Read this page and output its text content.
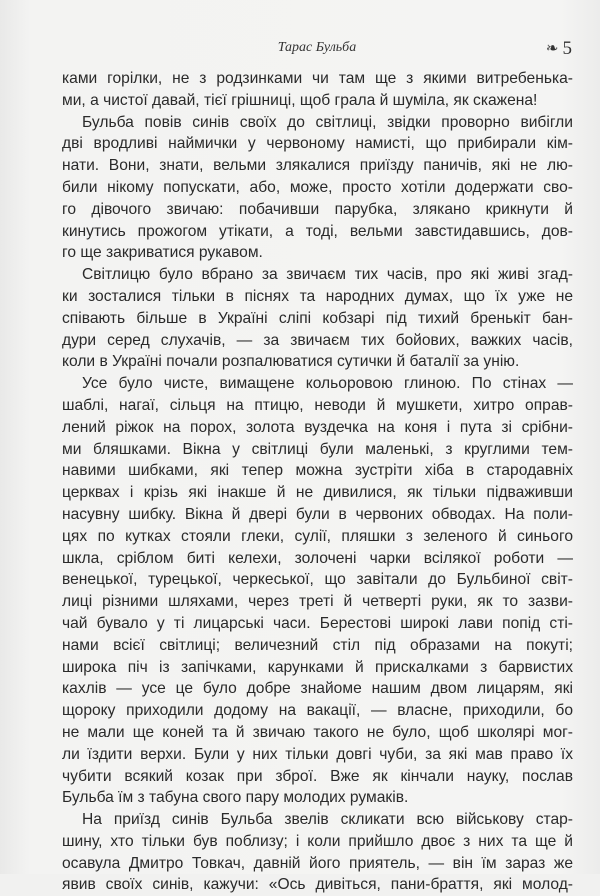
Тарас Бульба	❧ 5
ками горілки, не з родзинками чи там ще з якими витребенька-
ми, а чистої давай, тієї грішниці, щоб грала й шуміла, як скажена!
Бульба повів синів своїх до світлиці, звідки проворно вибігли
дві вродливі наймички у червоному намисті, що прибирали кім-
нати. Вони, знати, вельми злякалися приїзду паничів, які не лю-
били нікому попускати, або, може, просто хотіли додержати сво-
го дівочого звичаю: побачивши парубка, злякано крикнути й
кинутись прожогом утікати, а тоді, вельми завстидавшись, дов-
го ще закриватися рукавом.
Світлицю було вбрано за звичаєм тих часів, про які живі згад-
ки зосталися тільки в піснях та народних думах, що їх уже не
співають більше в Україні сліпі кобзарі під тихий бренькіт бан-
дури серед слухачів, — за звичаєм тих бойових, важких часів,
коли в Україні почали розпалюватися сутички й баталії за унію.
Усе було чисте, вимащене кольоровою глиною. По стінах —
шаблі, нагаї, сільця на птицю, неводи й мушкети, хитро оправ-
лений ріжок на порох, золота вуздечка на коня і пута зі срібни-
ми бляшками. Вікна у світлиці були маленькі, з круглими тем-
навими шибками, які тепер можна зустріти хіба в стародавніх
церквах і крізь які інакше й не дивилися, як тільки підваживши
насувну шибку. Вікна й двері були в червоних обводах. На поли-
цях по кутках стояли глеки, сулії, пляшки з зеленого й синього
шкла, сріблом биті келехи, золочені чарки всілякої роботи —
венецької, турецької, черкеської, що завітали до Бульбиної світ-
лиці різними шляхами, через треті й четверті руки, як то зазви-
чай бувало у ті лицарські часи. Берестові широкі лави попід сті-
нами всієї світлиці; величезний стіл під образами на покуті;
широка піч із запічками, карунками й прискалками з барвистих
кахлів — усе це було добре знайоме нашим двом лицарям, які
щороку приходили додому на вакації, — власне, приходили, бо
не мали ще коней та й звичаю такого не було, щоб школярі мог-
ли їздити верхи. Були у них тільки довгі чуби, за які мав право їх
чубити всякий козак при зброї. Вже як кінчали науку, послав
Бульба їм з табуна свого пару молодих румаків.
На приїзд синів Бульба звелів скликати всю військову стар-
шину, хто тільки був поблизу; і коли прийшло двоє з них та ще й
осавула Дмитро Товкач, давній його приятель, — він їм зараз же
явив своїх синів, кажучи: «Ось дивіться, пани-браття, які молод-
